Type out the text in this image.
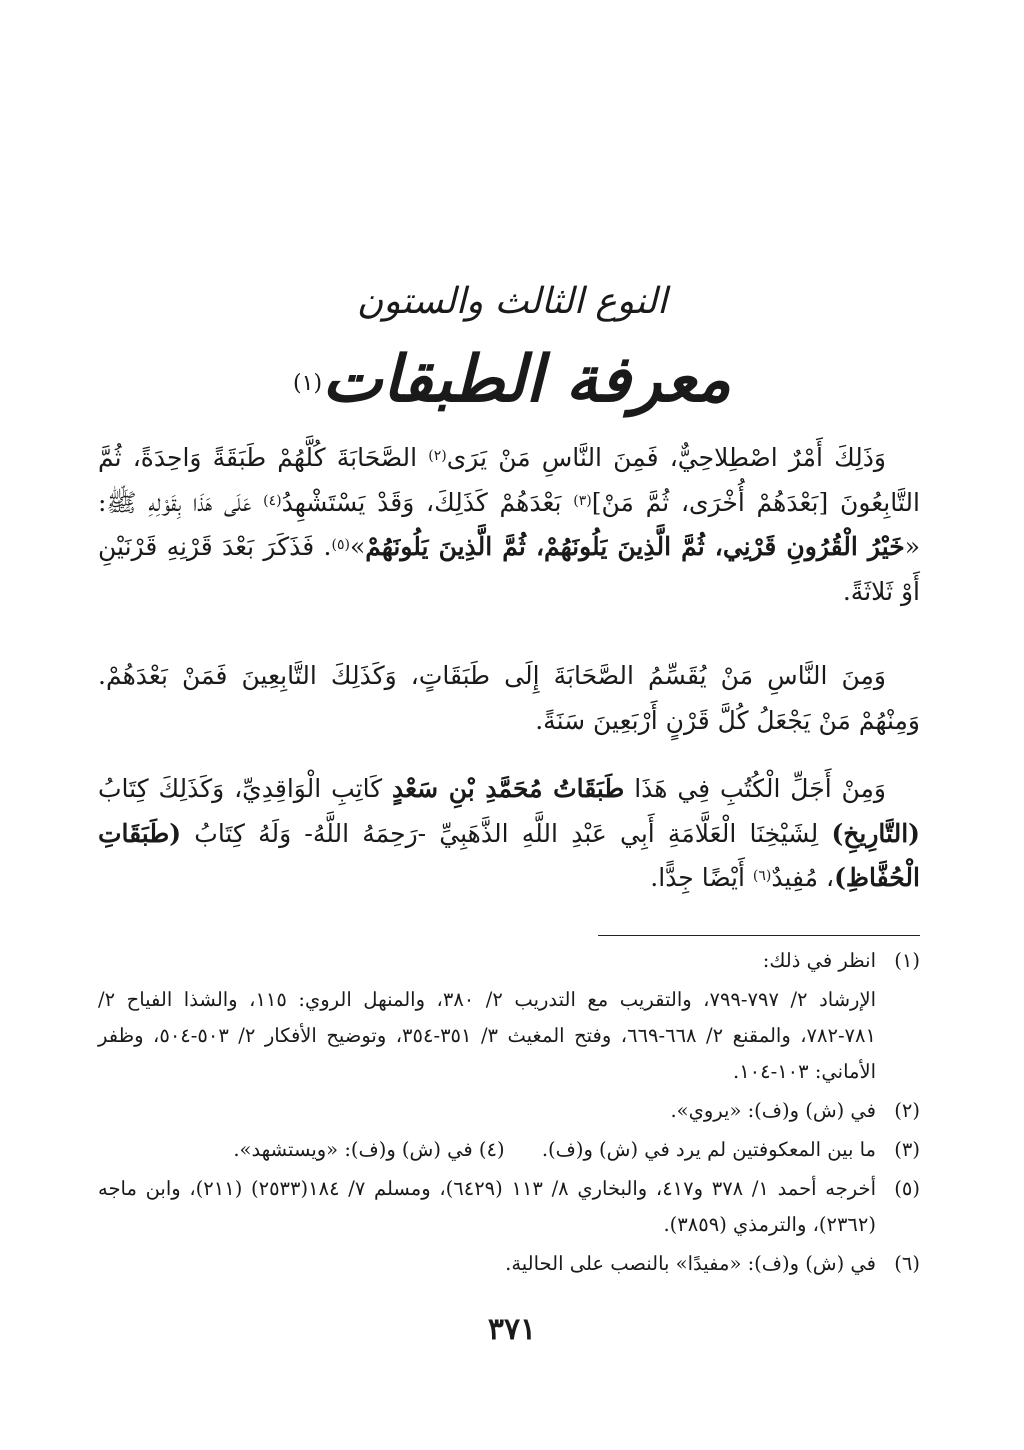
النوع الثالث والستون
معرفة الطبقات$^{(١)}$
وَذَلِكَ أَمْرٌ اصْطِلاحِيٌّ، فَمِنَ النَّاسِ مَنْ يَرَى$^{(٢)}$ الصَّحَابَةَ كُلَّهُمْ طَبَقَةً وَاحِدَةً، ثُمَّ التَّابِعُونَ [بَعْدَهُمْ أُخْرَى، ثُمَّ مَنْ]$^{(٣)}$ بَعْدَهُمْ كَذَلِكَ، وَقَدْ يَسْتَشْهِدُ$^{(٤)}$ عَلَى هَذَا بِقَوْلِهِ ﷺ: «خَيْرُ الْقُرُونِ قَرْنِي، ثُمَّ الَّذِينَ يَلُونَهُمْ، ثُمَّ الَّذِينَ يَلُونَهُمْ»$^{(٥)}$. فَذَكَرَ بَعْدَ قَرْنِهِ قَرْنَيْنِ أَوْ ثَلاثَةً.
وَمِنَ النَّاسِ مَنْ يُقَسِّمُ الصَّحَابَةَ إِلَى طَبَقَاتٍ، وَكَذَلِكَ التَّابِعِينَ فَمَنْ بَعْدَهُمْ. وَمِنْهُمْ مَنْ يَجْعَلُ كُلَّ قَرْنٍ أَرْبَعِينَ سَنَةً.
وَمِنْ أَجَلِّ الْكُتُبِ فِي هَذَا طَبَقَاتُ مُحَمَّدِ بْنِ سَعْدٍ كَاتِبِ الْوَاقِدِيِّ، وَكَذَلِكَ كِتَابُ (التَّارِيخِ) لِشَيْخِنَا الْعَلَّامَةِ أَبِي عَبْدِ اللَّهِ الذَّهَبِيِّ -رَحِمَهُ اللَّهُ- وَلَهُ كِتَابُ (طَبَقَاتِ الْحُفَّاظِ)، مُفِيدٌ$^{(٦)}$ أَيْضًا جِدًّا.
(١)
انظر في ذلك:
الإرشاد ٢/ ٧٩٧-٧٩٩، والتقريب مع التدريب ٢/ ٣٨٠، والمنهل الروي: ١١٥، والشذا الفياح ٢/ ٧٨١-٧٨٢، والمقنع ٢/ ٦٦٨-٦٦٩، وفتح المغيث ٣/ ٣٥١-٣٥٤، وتوضيح الأفكار ٢/ ٥٠٣-٥٠٤، وظفر الأماني: ١٠٣-١٠٤.
(٢)
في (ش) و(ف): «يروي».
(٣)
ما بين المعكوفتين لم يرد في (ش) و(ف).      (٤) في (ش) و(ف): «ويستشهد».
(٥)
أخرجه أحمد ١/ ٣٧٨ و٤١٧، والبخاري ٨/ ١١٣ (٦٤٢٩)، ومسلم ٧/ ١٨٤(٢٥٣٣) (٢١١)، وابن ماجه (٢٣٦٢)، والترمذي (٣٨٥٩).
(٦)
في (ش) و(ف): «مفيدًا» بالنصب على الحالية.
٣٧١
